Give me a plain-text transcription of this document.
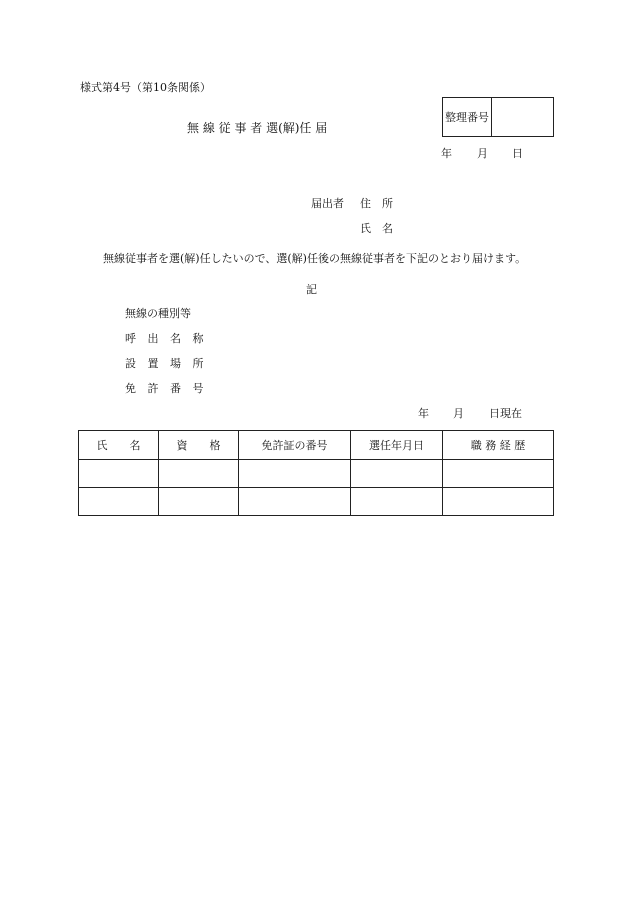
様式第4号（第10条関係）
無 線 従 事 者 選(解)任 届
整理番号	
年 月 日
届出者 住　所
氏　名
無線従事者を選(解)任したいので、選(解)任後の無線従事者を下記のとおり届けます。
記
無線の種別等
呼 出 名 称
設 置 場 所
免 許 番 号
年 月 日現在
氏　　名	資　　格	免許証の番号	選任年月日	職 務 経 歴
